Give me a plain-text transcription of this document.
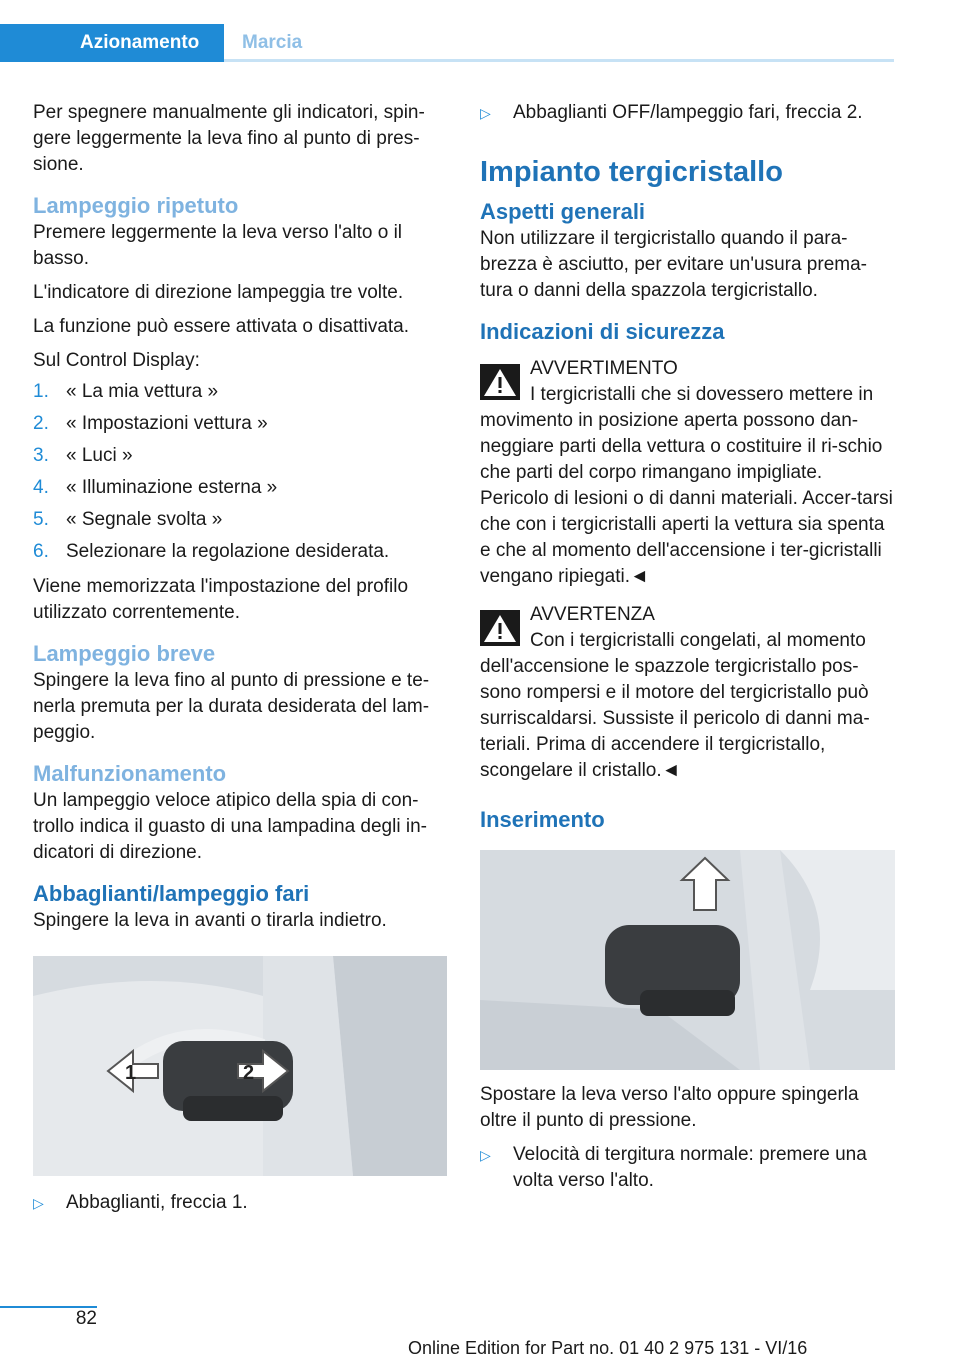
Azionamento	Marcia

Per spegnere manualmente gli indicatori, spin-gere leggermente la leva fino al punto di pres-sione.

Lampeggio ripetuto

Premere leggermente la leva verso l'alto o il basso.

L'indicatore di direzione lampeggia tre volte.

La funzione può essere attivata o disattivata.

Sul Control Display:

1. « La mia vettura »
2. « Impostazioni vettura »
3. « Luci »
4. « Illuminazione esterna »
5. « Segnale svolta »
6. Selezionare la regolazione desiderata.

Viene memorizzata l'impostazione del profilo utilizzato correntemente.

Lampeggio breve

Spingere la leva fino al punto di pressione e te-nerla premuta per la durata desiderata del lam-peggio.

Malfunzionamento

Un lampeggio veloce atipico della spia di con-trollo indica il guasto di una lampadina degli in-dicatori di direzione.

Abbaglianti/lampeggio fari

Spingere la leva in avanti o tirarla indietro.

1	2
▷ Abbaglianti, freccia 1.
▷ Abbaglianti OFF/lampeggio fari, freccia 2.
Impianto tergicristallo
Aspetti generali

Non utilizzare il tergicristallo quando il para-brezza è asciutto, per evitare un'usura prema-tura o danni della spazzola tergicristallo.

Indicazioni di sicurezza
AVVERTIMENTO
I tergicristalli che si dovessero mettere in movimento in posizione aperta possono dan-neggiare parti della vettura o costituire il ri-schio che parti del corpo rimangano impigliate. Pericolo di lesioni o di danni materiali. Accer-tarsi che con i tergicristalli aperti la vettura sia spenta e che al momento dell'accensione i ter-gicristalli vengano ripiegati.◄
AVVERTENZA
Con i tergicristalli congelati, al momento dell'accensione le spazzole tergicristallo pos-sono rompersi e il motore del tergicristallo può surriscaldarsi. Sussiste il pericolo di danni ma-teriali. Prima di accendere il tergicristallo, scongelare il cristallo.◄
Inserimento

Spostare la leva verso l'alto oppure spingerla oltre il punto di pressione.

▷ Velocità di tergitura normale: premere una volta verso l'alto.
82
Online Edition for Part no. 01 40 2 975 131 - VI/16
